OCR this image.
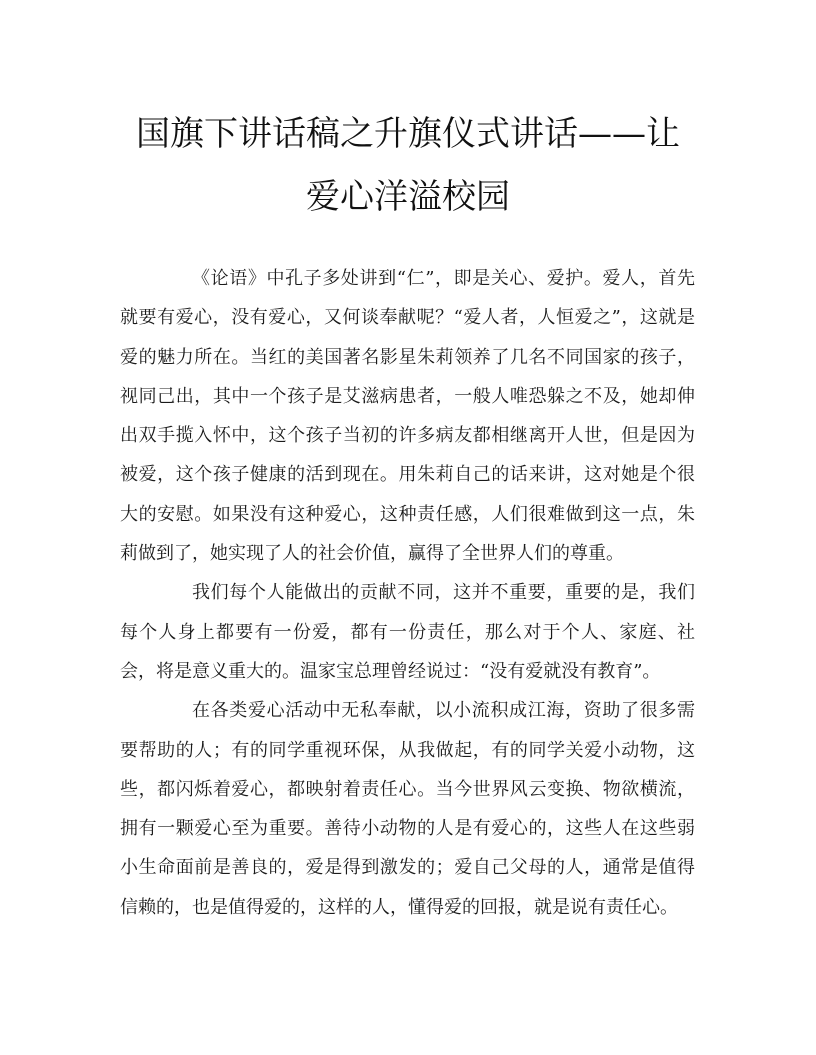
国旗下讲话稿之升旗仪式讲话——让
爱心洋溢校园

《论语》中孔子多处讲到“仁”，即是关心、爱护。爱人，首先就要有爱心，没有爱心，又何谈奉献呢？“爱人者，人恒爱之”，这就是爱的魅力所在。当红的美国著名影星朱莉领养了几名不同国家的孩子，视同己出，其中一个孩子是艾滋病患者，一般人唯恐躲之不及，她却伸出双手揽入怀中，这个孩子当初的许多病友都相继离开人世，但是因为被爱，这个孩子健康的活到现在。用朱莉自己的话来讲，这对她是个很大的安慰。如果没有这种爱心，这种责任感，人们很难做到这一点，朱莉做到了，她实现了人的社会价值，赢得了全世界人们的尊重。

我们每个人能做出的贡献不同，这并不重要，重要的是，我们每个人身上都要有一份爱，都有一份责任，那么对于个人、家庭、社会，将是意义重大的。温家宝总理曾经说过：“没有爱就没有教育”。

在各类爱心活动中无私奉献，以小流积成江海，资助了很多需要帮助的人；有的同学重视环保，从我做起，有的同学关爱小动物，这些，都闪烁着爱心，都映射着责任心。当今世界风云变换、物欲横流，拥有一颗爱心至为重要。善待小动物的人是有爱心的，这些人在这些弱小生命面前是善良的，爱是得到激发的；爱自己父母的人，通常是值得信赖的，也是值得爱的，这样的人，懂得爱的回报，就是说有责任心。
